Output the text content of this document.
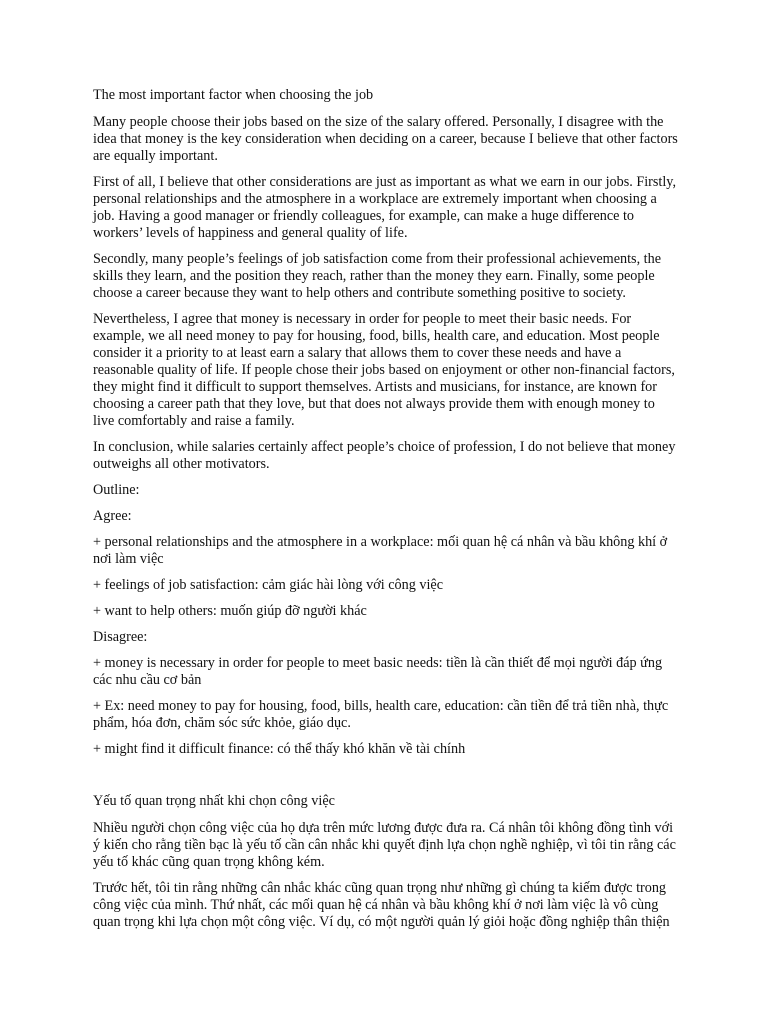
The most important factor when choosing the job

Many people choose their jobs based on the size of the salary offered. Personally, I disagree with the idea that money is the key consideration when deciding on a career, because I believe that other factors are equally important.

First of all, I believe that other considerations are just as important as what we earn in our jobs. Firstly, personal relationships and the atmosphere in a workplace are extremely important when choosing a job. Having a good manager or friendly colleagues, for example, can make a huge difference to workers’ levels of happiness and general quality of life.

Secondly, many people’s feelings of job satisfaction come from their professional achievements, the skills they learn, and the position they reach, rather than the money they earn. Finally, some people choose a career because they want to help others and contribute something positive to society.

Nevertheless, I agree that money is necessary in order for people to meet their basic needs. For example, we all need money to pay for housing, food, bills, health care, and education. Most people consider it a priority to at least earn a salary that allows them to cover these needs and have a reasonable quality of life. If people chose their jobs based on enjoyment or other non-financial factors, they might find it difficult to support themselves. Artists and musicians, for instance, are known for choosing a career path that they love, but that does not always provide them with enough money to live comfortably and raise a family.

In conclusion, while salaries certainly affect people’s choice of profession, I do not believe that money outweighs all other motivators.

Outline:

Agree:

+ personal relationships and the atmosphere in a workplace: mối quan hệ cá nhân và bầu không khí ở nơi làm việc

+ feelings of job satisfaction: cảm giác hài lòng với công việc

+ want to help others: muốn giúp đỡ người khác

Disagree:

+ money is necessary in order for people to meet basic needs: tiền là cần thiết để mọi người đáp ứng các nhu cầu cơ bản

+ Ex: need money to pay for housing, food, bills, health care, education: cần tiền để trả tiền nhà, thực phẩm, hóa đơn, chăm sóc sức khỏe, giáo dục.

+ might find it difficult finance: có thể thấy khó khăn về tài chính

Yếu tố quan trọng nhất khi chọn công việc

Nhiều người chọn công việc của họ dựa trên mức lương được đưa ra. Cá nhân tôi không đồng tình với ý kiến cho rằng tiền bạc là yếu tố cần cân nhắc khi quyết định lựa chọn nghề nghiệp, vì tôi tin rằng các yếu tố khác cũng quan trọng không kém.

Trước hết, tôi tin rằng những cân nhắc khác cũng quan trọng như những gì chúng ta kiếm được trong công việc của mình. Thứ nhất, các mối quan hệ cá nhân và bầu không khí ở nơi làm việc là vô cùng quan trọng khi lựa chọn một công việc. Ví dụ, có một người quản lý giỏi hoặc đồng nghiệp thân thiện
